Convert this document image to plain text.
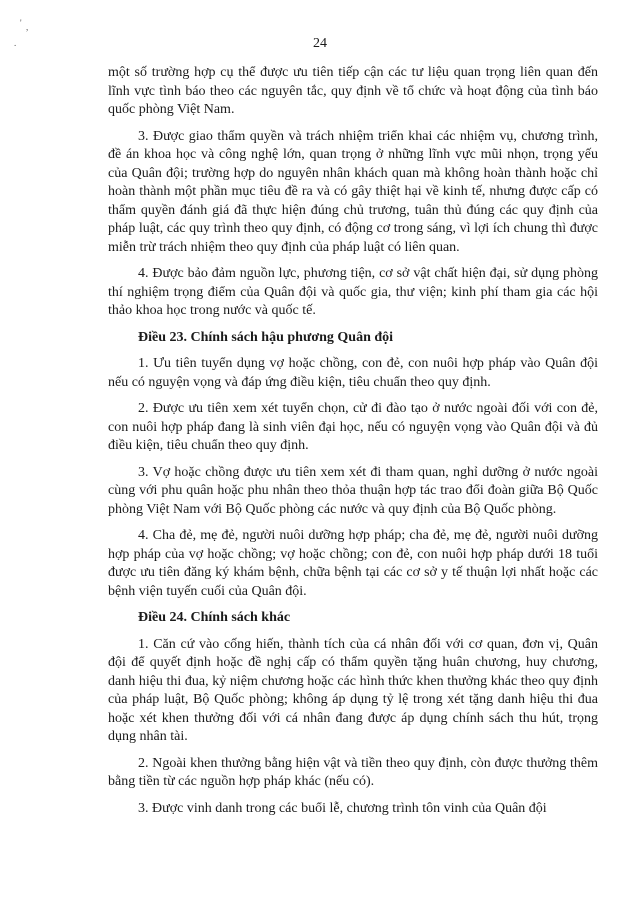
' ,
.	24

một số trường hợp cụ thể được ưu tiên tiếp cận các tư liệu quan trọng liên quan đến lĩnh vực tình báo theo các nguyên tắc, quy định về tổ chức và hoạt động của tình báo quốc phòng Việt Nam.

3. Được giao thẩm quyền và trách nhiệm triển khai các nhiệm vụ, chương trình, đề án khoa học và công nghệ lớn, quan trọng ở những lĩnh vực mũi nhọn, trọng yếu của Quân đội; trường hợp do nguyên nhân khách quan mà không hoàn thành hoặc chỉ hoàn thành một phần mục tiêu đề ra và có gây thiệt hại về kinh tế, nhưng được cấp có thẩm quyền đánh giá đã thực hiện đúng chủ trương, tuân thủ đúng các quy định của pháp luật, các quy trình theo quy định, có động cơ trong sáng, vì lợi ích chung thì được miễn trừ trách nhiệm theo quy định của pháp luật có liên quan.

4. Được bảo đảm nguồn lực, phương tiện, cơ sở vật chất hiện đại, sử dụng phòng thí nghiệm trọng điểm của Quân đội và quốc gia, thư viện; kinh phí tham gia các hội thảo khoa học trong nước và quốc tế.

Điều 23. Chính sách hậu phương Quân đội

1. Ưu tiên tuyển dụng vợ hoặc chồng, con đẻ, con nuôi hợp pháp vào Quân đội nếu có nguyện vọng và đáp ứng điều kiện, tiêu chuẩn theo quy định.

2. Được ưu tiên xem xét tuyển chọn, cử đi đào tạo ở nước ngoài đối với con đẻ, con nuôi hợp pháp đang là sinh viên đại học, nếu có nguyện vọng vào Quân đội và đủ điều kiện, tiêu chuẩn theo quy định.

3. Vợ hoặc chồng được ưu tiên xem xét đi tham quan, nghỉ dưỡng ở nước ngoài cùng với phu quân hoặc phu nhân theo thỏa thuận hợp tác trao đổi đoàn giữa Bộ Quốc phòng Việt Nam với Bộ Quốc phòng các nước và quy định của Bộ Quốc phòng.

4. Cha đẻ, mẹ đẻ, người nuôi dưỡng hợp pháp; cha đẻ, mẹ đẻ, người nuôi dưỡng hợp pháp của vợ hoặc chồng; vợ hoặc chồng; con đẻ, con nuôi hợp pháp dưới 18 tuổi được ưu tiên đăng ký khám bệnh, chữa bệnh tại các cơ sở y tế thuận lợi nhất hoặc các bệnh viện tuyến cuối của Quân đội.

Điều 24. Chính sách khác

1. Căn cứ vào cống hiến, thành tích của cá nhân đối với cơ quan, đơn vị, Quân đội để quyết định hoặc đề nghị cấp có thẩm quyền tặng huân chương, huy chương, danh hiệu thi đua, kỷ niệm chương hoặc các hình thức khen thưởng khác theo quy định của pháp luật, Bộ Quốc phòng; không áp dụng tỷ lệ trong xét tặng danh hiệu thi đua hoặc xét khen thưởng đối với cá nhân đang được áp dụng chính sách thu hút, trọng dụng nhân tài.

2. Ngoài khen thưởng bằng hiện vật và tiền theo quy định, còn được thưởng thêm bằng tiền từ các nguồn hợp pháp khác (nếu có).

3. Được vinh danh trong các buổi lễ, chương trình tôn vinh của Quân đội
